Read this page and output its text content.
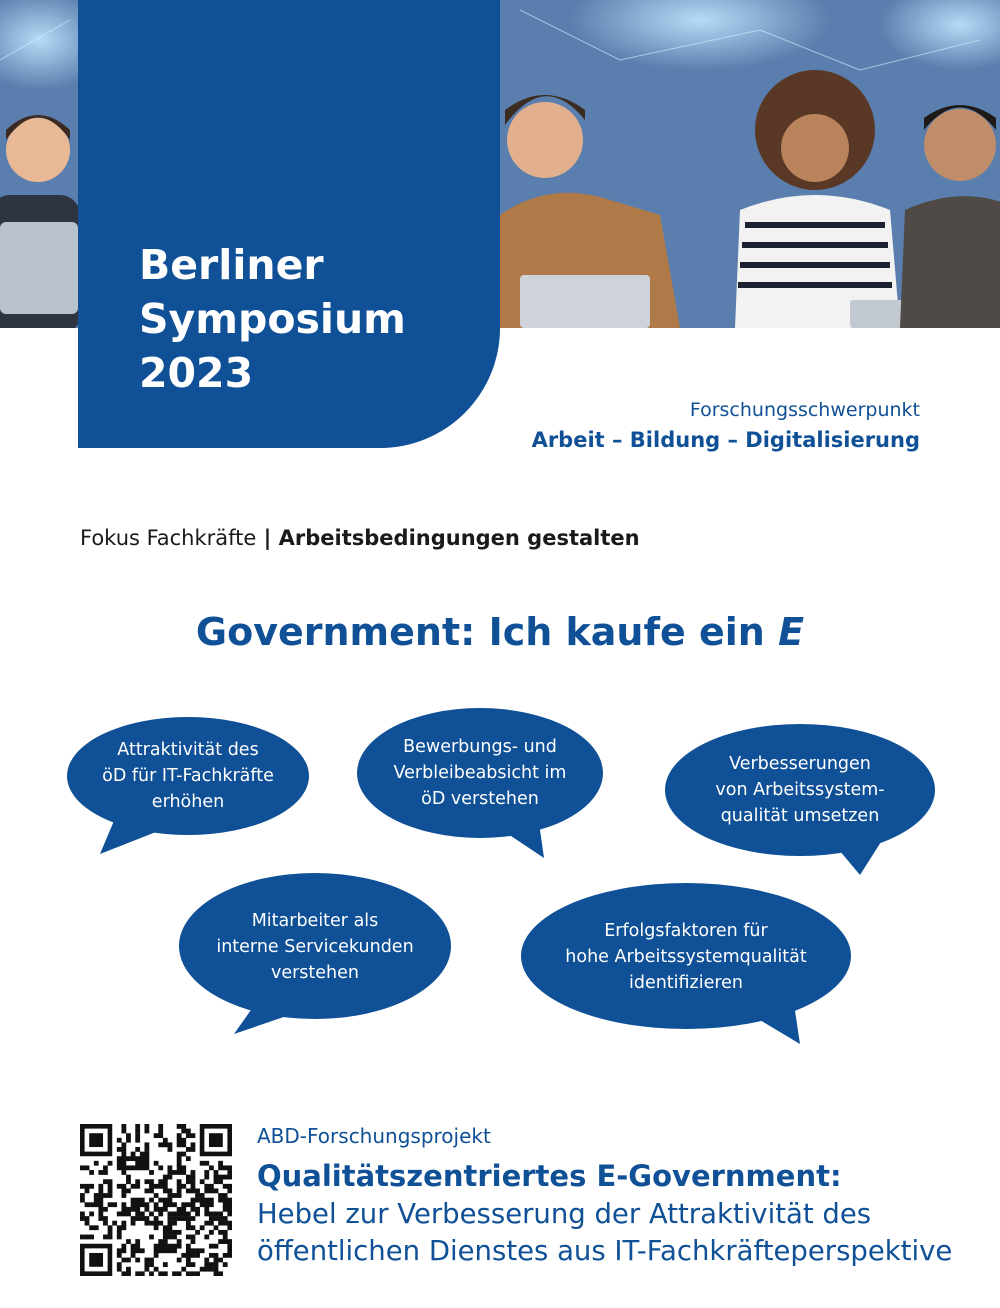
Berliner
Symposium
2023
Forschungsschwerpunkt
Arbeit – Bildung – Digitalisierung
Fokus Fachkräfte | Arbeitsbedingungen gestalten
Government: Ich kaufe ein E
Attraktivität des
öD für IT-Fachkräfte
erhöhen
Bewerbungs- und
Verbleibeabsicht im
öD verstehen
Verbesserungen
von Arbeitssystem-
qualität umsetzen
Mitarbeiter als
interne Servicekunden
verstehen
Erfolgsfaktoren für
hohe Arbeitssystemqualität
identifizieren
ABD-Forschungsprojekt
Qualitätszentriertes E-Government:
Hebel zur Verbesserung der Attraktivität des
öffentlichen Dienstes aus IT-Fachkräfteperspektive
